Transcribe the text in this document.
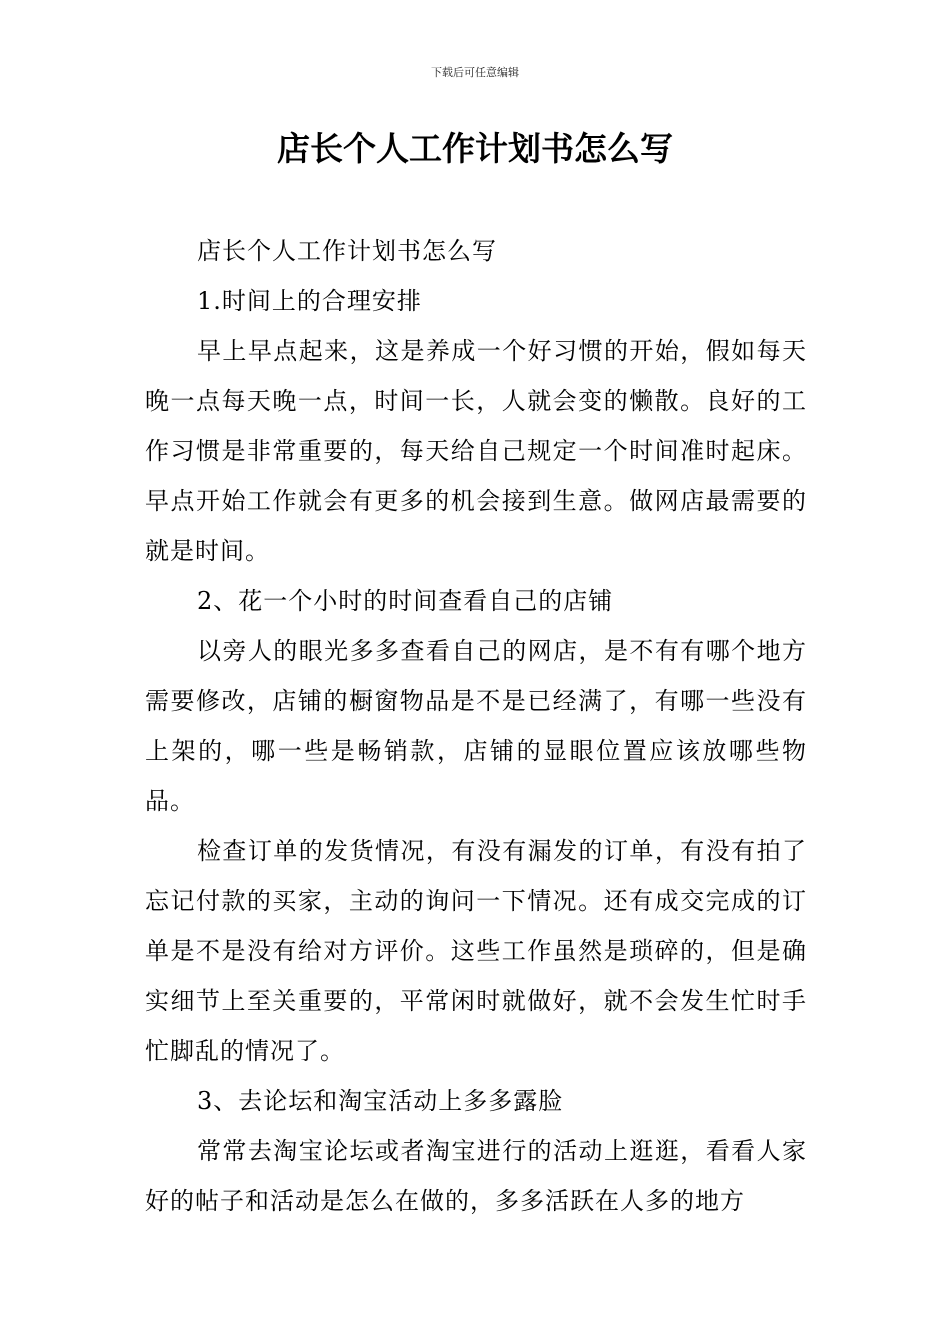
下载后可任意编辑
店长个人工作计划书怎么写

店长个人工作计划书怎么写

1.时间上的合理安排

早上早点起来，这是养成一个好习惯的开始，假如每天晚一点每天晚一点，时间一长，人就会变的懒散。良好的工作习惯是非常重要的，每天给自己规定一个时间准时起床。早点开始工作就会有更多的机会接到生意。做网店最需要的就是时间。

2、花一个小时的时间查看自己的店铺

以旁人的眼光多多查看自己的网店，是不有有哪个地方需要修改，店铺的橱窗物品是不是已经满了，有哪一些没有上架的，哪一些是畅销款，店铺的显眼位置应该放哪些物品。

检查订单的发货情况，有没有漏发的订单，有没有拍了忘记付款的买家，主动的询问一下情况。还有成交完成的订单是不是没有给对方评价。这些工作虽然是琐碎的，但是确实细节上至关重要的，平常闲时就做好，就不会发生忙时手忙脚乱的情况了。

3、去论坛和淘宝活动上多多露脸

常常去淘宝论坛或者淘宝进行的活动上逛逛，看看人家好的帖子和活动是怎么在做的，多多活跃在人多的地方
